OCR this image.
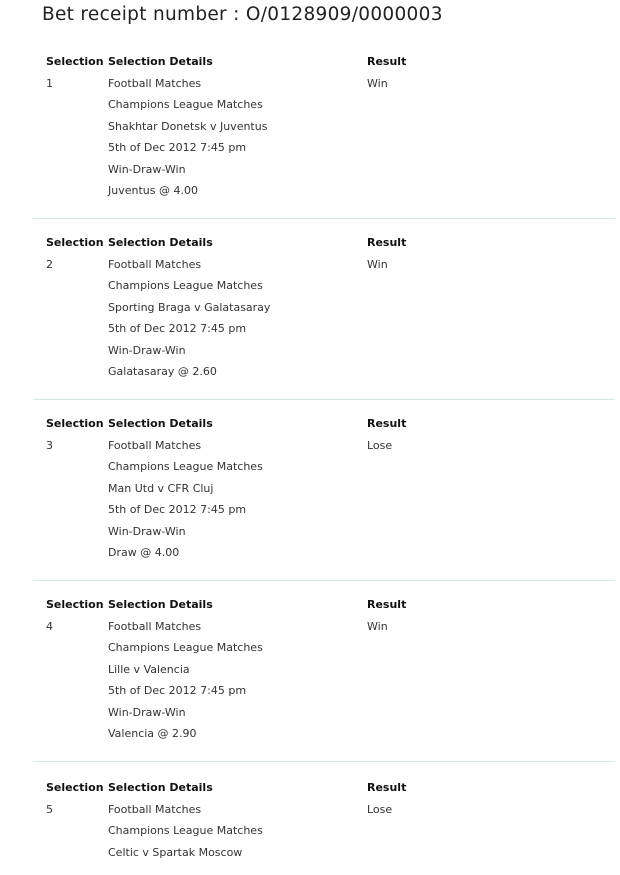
Bet receipt number : O/0128909/0000003
Selection Selection Details	Result
1	Football Matches	Win
Champions League Matches
Shakhtar Donetsk v Juventus
5th of Dec 2012 7:45 pm
Win-Draw-Win
Juventus @ 4.00
Selection Selection Details	Result
2	Football Matches	Win
Champions League Matches
Sporting Braga v Galatasaray
5th of Dec 2012 7:45 pm
Win-Draw-Win
Galatasaray @ 2.60
Selection Selection Details	Result
3	Football Matches	Lose
Champions League Matches
Man Utd v CFR Cluj
5th of Dec 2012 7:45 pm
Win-Draw-Win
Draw @ 4.00
Selection Selection Details	Result
4	Football Matches	Win
Champions League Matches
Lille v Valencia
5th of Dec 2012 7:45 pm
Win-Draw-Win
Valencia @ 2.90
Selection Selection Details	Result
5	Football Matches	Lose
Champions League Matches
Celtic v Spartak Moscow
